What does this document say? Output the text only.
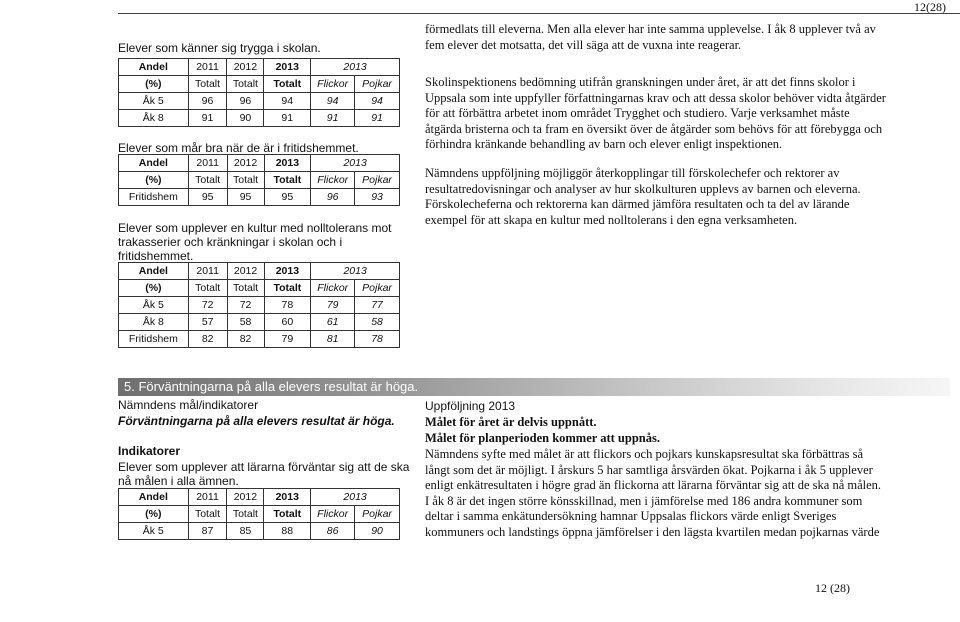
12(28)
Elever som känner sig trygga i skolan.
Andel	2011	2012	2013	2013	
(%)	Totalt	Totalt	Totalt	Flickor	Pojkar
Åk 5	96	96	94	94	94
Åk 8	91	90	91	91	91
Elever som mår bra när de är i fritidshemmet.
Andel	2011	2012	2013	2013	
(%)	Totalt	Totalt	Totalt	Flickor	Pojkar
Fritidshem	95	95	95	96	93
Elever som upplever en kultur med nolltolerans mot
trakasserier och kränkningar i skolan och i
fritidshemmet.
Andel	2011	2012	2013	2013	
(%)	Totalt	Totalt	Totalt	Flickor	Pojkar
Åk 5	72	72	78	79	77
Åk 8	57	58	60	61	58
Fritidshem	82	82	79	81	78

förmedlats till eleverna. Men alla elever har inte samma upplevelse. I åk 8 upplever två av

fem elever det motsatta, det vill säga att de vuxna inte reagerar.

Skolinspektionens bedömning utifrån granskningen under året, är att det finns skolor i

Uppsala som inte uppfyller författningarnas krav och att dessa skolor behöver vidta åtgärder

för att förbättra arbetet inom området Trygghet och studiero. Varje verksamhet måste

åtgärda bristerna och ta fram en översikt över de åtgärder som behövs för att förebygga och

förhindra kränkande behandling av barn och elever enligt inspektionen.

Nämndens uppföljning möjliggör återkopplingar till förskolechefer och rektorer av

resultatredovisningar och analyser av hur skolkulturen upplevs av barnen och eleverna.

Förskolecheferna och rektorerna kan därmed jämföra resultaten och ta del av lärande

exempel för att skapa en kultur med nolltolerans i den egna verksamheten.

5. Förväntningarna på alla elevers resultat är höga.
Nämndens mål/indikatorer
Förväntningarna på alla elevers resultat är höga.
Indikatorer
Elever som upplever att lärarna förväntar sig att de ska
nå målen i alla ämnen.
Andel	2011	2012	2013	2013	
(%)	Totalt	Totalt	Totalt	Flickor	Pojkar
Åk 5	87	85	88	86	90
Uppföljning 2013
Målet för året är delvis uppnått.
Målet för planperioden kommer att uppnås.

Nämndens syfte med målet är att flickors och pojkars kunskapsresultat ska förbättras så

långt som det är möjligt. I årskurs 5 har samtliga årsvärden ökat. Pojkarna i åk 5 upplever

enligt enkätresultaten i högre grad än flickorna att lärarna förväntar sig att de ska nå målen.

I åk 8 är det ingen större könsskillnad, men i jämförelse med 186 andra kommuner som

deltar i samma enkätundersökning hamnar Uppsalas flickors värde enligt Sveriges

kommuners och landstings öppna jämförelser i den lägsta kvartilen medan pojkarnas värde

12 (28)
